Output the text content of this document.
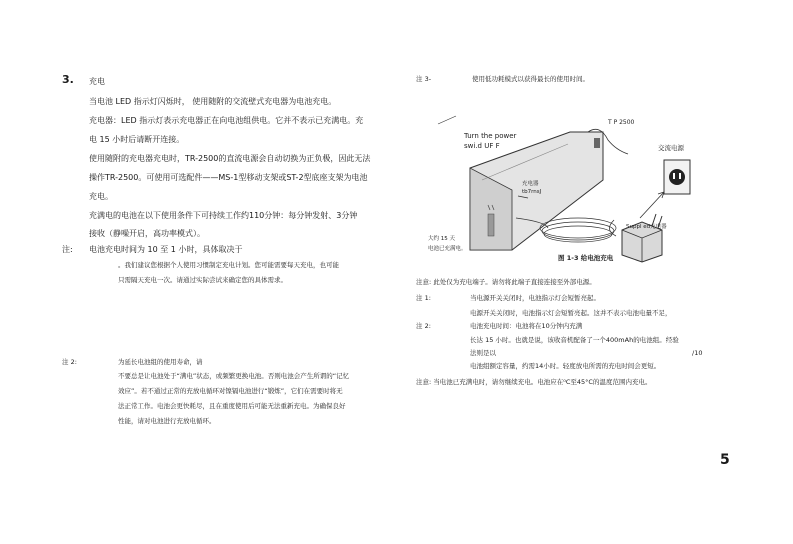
3. 充电
当电池 LED 指示灯闪烁时， 使用随附的交流壁式充电器为电池充电。
充电器：LED 指示灯表示充电器正在向电池组供电。它并不表示已充满电。充
电 15 小时后请断开连接。
使用随附的充电器充电时，TR-2500的直流电源会自动切换为正负极，因此无法
操作TR-2500。可使用可选配件——MS-1型移动支架或ST-2型底座支架为电池
充电。
充满电的电池在以下使用条件下可持续工作约110分钟：每分钟发射、3分钟
接收（静噪开启，高功率模式）。
注: 电池充电时间为 10 至 1 小时，具体取决于
。我们建议您根据个人使用习惯制定充电计划。您可能需要每天充电，也可能
只需隔天充电一次。请通过实际尝试来确定您的具体需求。
注 2:	为延长电池组的使用寿命，请
不要总是让电池处于“满电”状态，或频繁更换电池。否则电池会产生所谓的“记忆
效应”。若不通过正常的充放电循环对镍镉电池进行“锻炼”，它们在需要时将无
法正常工作。电池会更快耗尽，且在重度使用后可能无法重新充电。为确保良好
性能，请对电池进行充放电循环。
注 3-	使用低功耗模式以获得最长的使用时间。
Turn the power
swi.d UF F
T P 2500
交流电源
充电器
tb7rnsJ
Suppl ed充电器
大约 15 天
电池已充满电。
图 1-3 给电池充电
注意: 此处仅为充电端子。请勿将此端子直接连接至外部电源。
注 1:	当电源开关关闭时，电池指示灯会短暂亮起。
电源开关关闭时，电池指示灯会短暂亮起。这并不表示电池电量不足，
注 2:	电池充电时间：电池将在10分钟内充满
长达 15 小时。也就是说，该收音机配备了一个400mAh的电池组。经验
法则是以	/10
电池组额定容量，约需14小时。轻度放电所需的充电时间会更短。
注意: 当电池已充满电时，请勿继续充电。电池应在⁰C至45°C的温度范围内充电。
5
